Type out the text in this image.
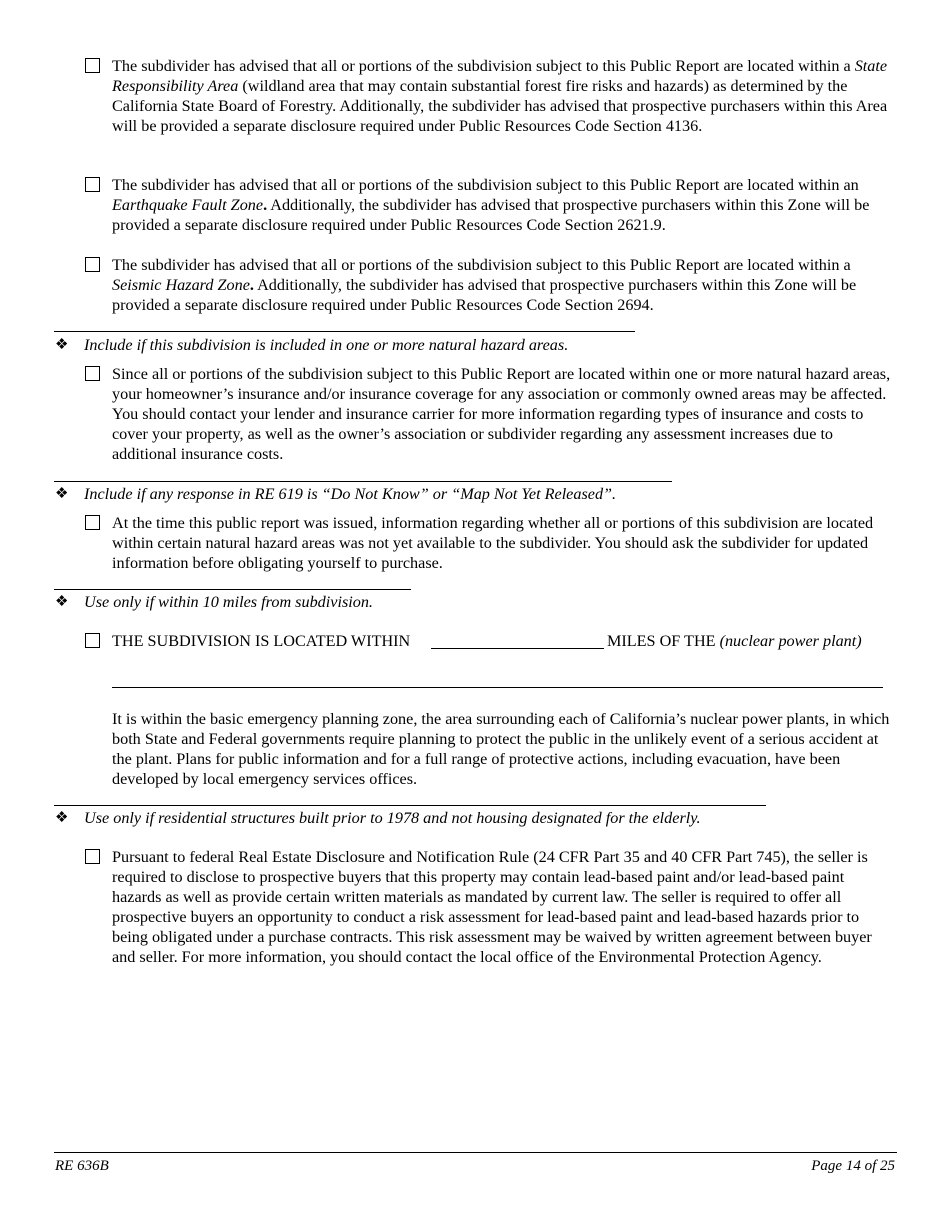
The subdivider has advised that all or portions of the subdivision subject to this Public Report are located within a State Responsibility Area (wildland area that may contain substantial forest fire risks and hazards) as determined by the California State Board of Forestry. Additionally, the subdivider has advised that prospective purchasers within this Area will be provided a separate disclosure required under Public Resources Code Section 4136.
The subdivider has advised that all or portions of the subdivision subject to this Public Report are located within an Earthquake Fault Zone. Additionally, the subdivider has advised that prospective purchasers within this Zone will be provided a separate disclosure required under Public Resources Code Section 2621.9.
The subdivider has advised that all or portions of the subdivision subject to this Public Report are located within a Seismic Hazard Zone. Additionally, the subdivider has advised that prospective purchasers within this Zone will be provided a separate disclosure required under Public Resources Code Section 2694.
❖ Include if this subdivision is included in one or more natural hazard areas.
Since all or portions of the subdivision subject to this Public Report are located within one or more natural hazard areas, your homeowner’s insurance and/or insurance coverage for any association or commonly owned areas may be affected. You should contact your lender and insurance carrier for more information regarding types of insurance and costs to cover your property, as well as the owner’s association or subdivider regarding any assessment increases due to additional insurance costs.
❖ Include if any response in RE 619 is “Do Not Know” or “Map Not Yet Released”.
At the time this public report was issued, information regarding whether all or portions of this subdivision are located within certain natural hazard areas was not yet available to the subdivider. You should ask the subdivider for updated information before obligating yourself to purchase.
❖ Use only if within 10 miles from subdivision.
THE SUBDIVISION IS LOCATED WITHIN	MILES OF THE (nuclear power plant)
It is within the basic emergency planning zone, the area surrounding each of California’s nuclear power plants, in which both State and Federal governments require planning to protect the public in the unlikely event of a serious accident at the plant. Plans for public information and for a full range of protective actions, including evacuation, have been developed by local emergency services offices.
❖ Use only if residential structures built prior to 1978 and not housing designated for the elderly.
Pursuant to federal Real Estate Disclosure and Notification Rule (24 CFR Part 35 and 40 CFR Part 745), the seller is required to disclose to prospective buyers that this property may contain lead-based paint and/or lead-based paint hazards as well as provide certain written materials as mandated by current law. The seller is required to offer all prospective buyers an opportunity to conduct a risk assessment for lead-based paint and lead-based hazards prior to being obligated under a purchase contracts. This risk assessment may be waived by written agreement between buyer and seller. For more information, you should contact the local office of the Environmental Protection Agency.
RE 636B	Page 14 of 25
